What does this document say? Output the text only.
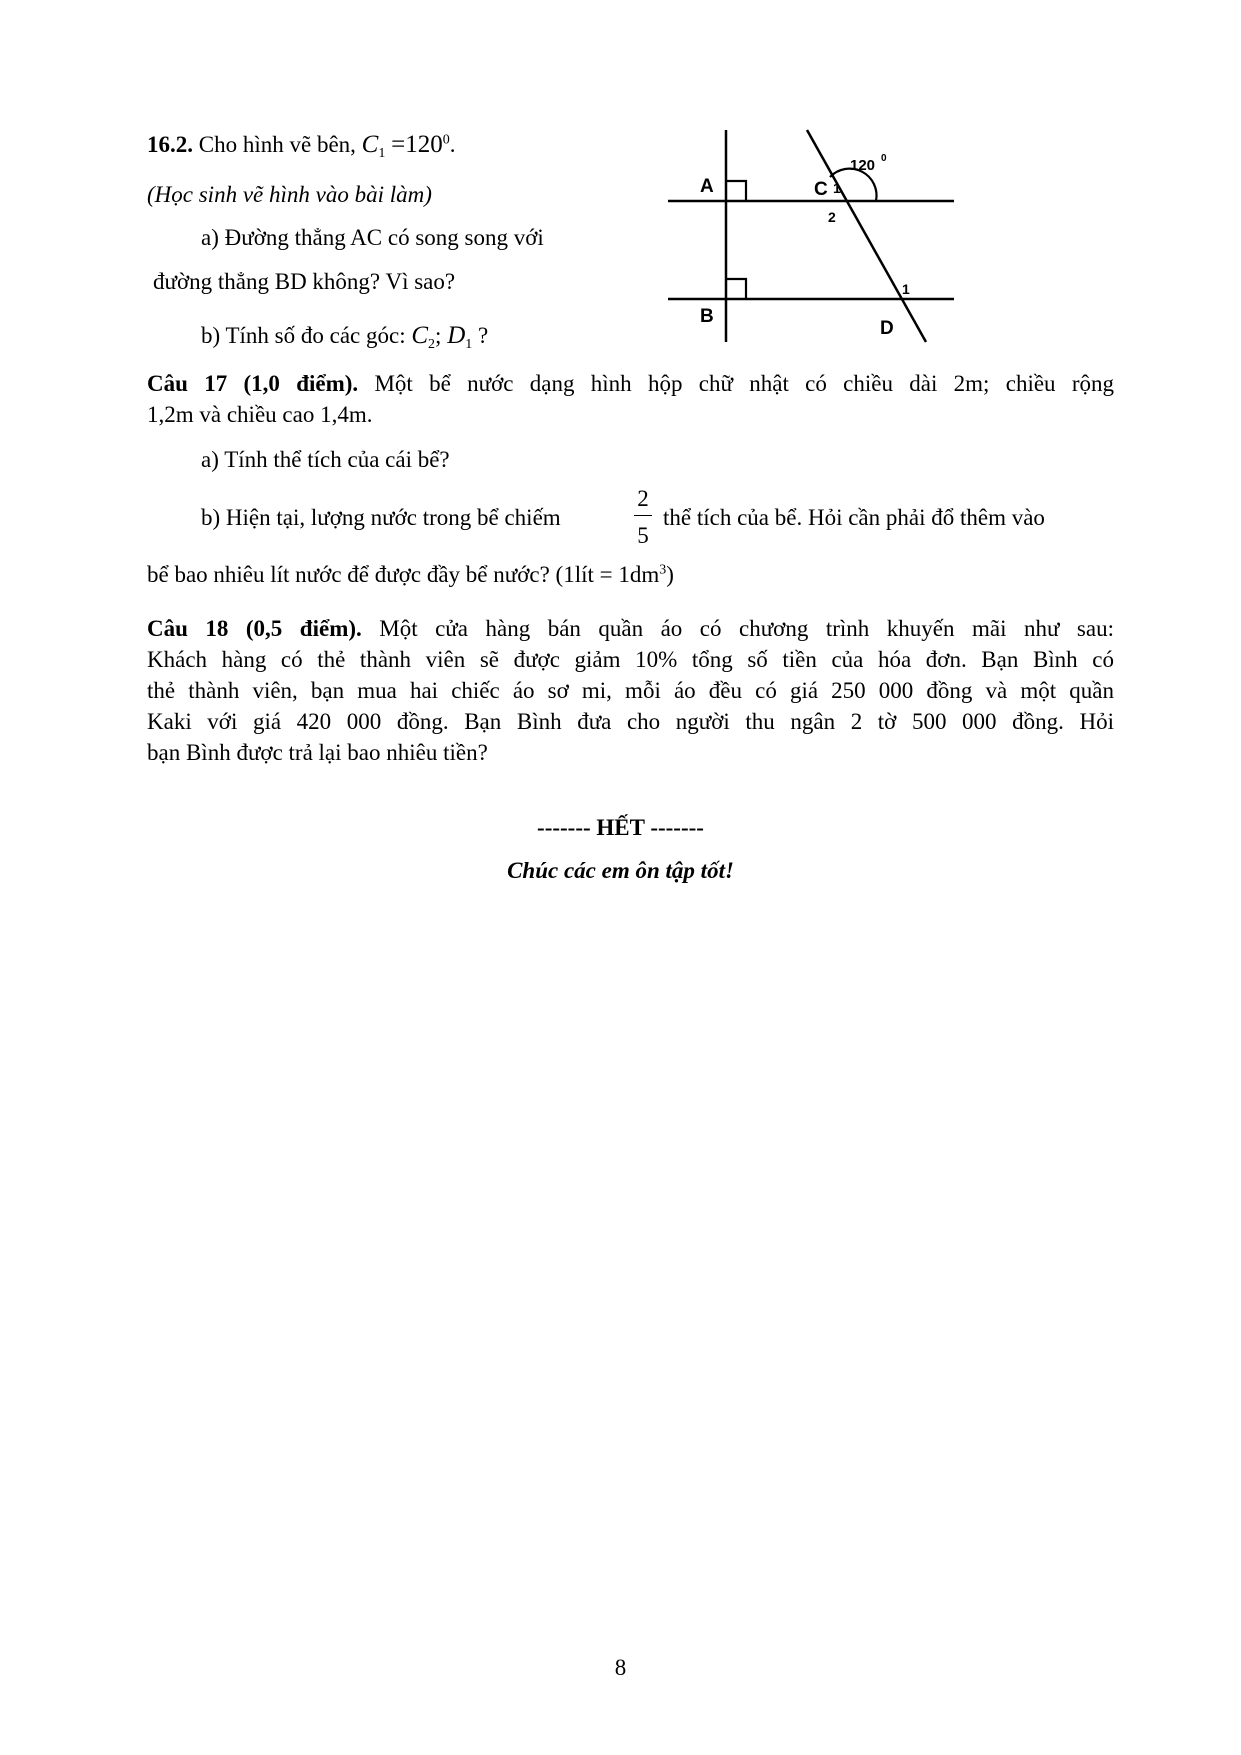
16.2. Cho hình vẽ bên, $C_1 =120^0$.
(Học sinh vẽ hình vào bài làm)
a) Đường thẳng AC có song song với
đường thẳng BD không? Vì sao?
b) Tính số đo các góc: $C_2$; $D_1$ ?
A
B
C
D
120 0
1
2
1
Câu 17 (1,0 điểm). Một bể nước dạng hình hộp chữ nhật có chiều dài 2m; chiều rộng
1,2m và chiều cao 1,4m.
a) Tính thể tích của cái bể?
b) Hiện tại, lượng nước trong bể chiếm
2
5
thể tích của bể. Hỏi cần phải đổ thêm vào
bể bao nhiêu lít nước để được đầy bể nước? (1lít = $1dm^3$)
Câu 18 (0,5 điểm). Một cửa hàng bán quần áo có chương trình khuyến mãi như sau:
Khách hàng có thẻ thành viên sẽ được giảm 10% tổng số tiền của hóa đơn. Bạn Bình có
thẻ thành viên, bạn mua hai chiếc áo sơ mi, mỗi áo đều có giá 250 000 đồng và một quần
Kaki với giá 420 000 đồng. Bạn Bình đưa cho người thu ngân 2 tờ 500 000 đồng. Hỏi
bạn Bình được trả lại bao nhiêu tiền?
------- HẾT -------
Chúc các em ôn tập tốt!
8
